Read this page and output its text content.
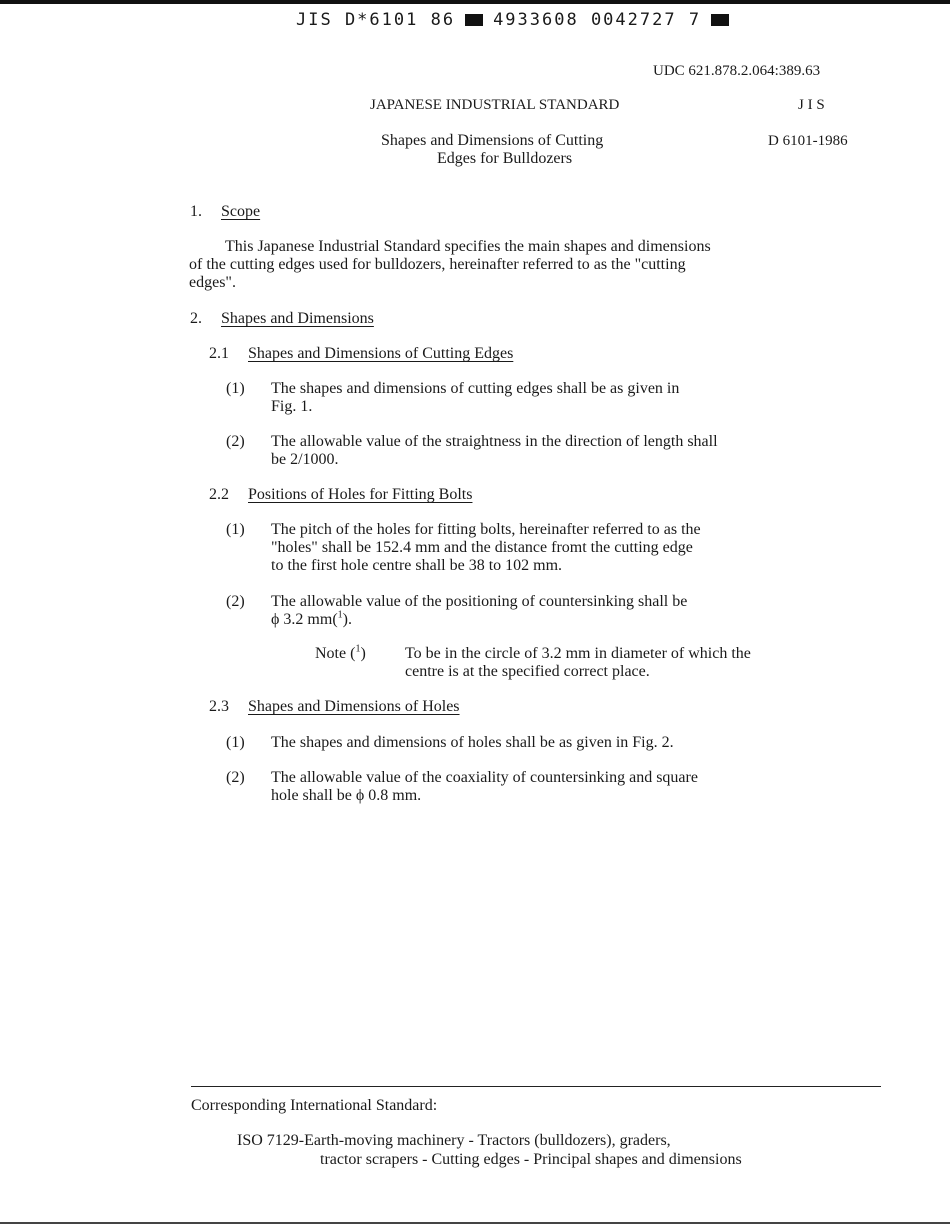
JIS D*6101 86 4933608 0042727 7
UDC 621.878.2.064:389.63
JAPANESE INDUSTRIAL STANDARD	J I S
Shapes and Dimensions of Cutting
Edges for Bulldozers
D 6101-1986
1. Scope
This Japanese Industrial Standard specifies the main shapes and dimensions
of the cutting edges used for bulldozers, hereinafter referred to as the "cutting
edges".
2. Shapes and Dimensions
2.1 Shapes and Dimensions of Cutting Edges
(1) The shapes and dimensions of cutting edges shall be as given in
Fig. 1.
(2) The allowable value of the straightness in the direction of length shall
be 2/1000.
2.2 Positions of Holes for Fitting Bolts
(1) The pitch of the holes for fitting bolts, hereinafter referred to as the
"holes" shall be 152.4 mm and the distance fromt the cutting edge
to the first hole centre shall be 38 to 102 mm.
(2) The allowable value of the positioning of countersinking shall be
ϕ 3.2 mm($^1$).
Note ($^1$) To be in the circle of 3.2 mm in diameter of which the
centre is at the specified correct place.
2.3 Shapes and Dimensions of Holes
(1) The shapes and dimensions of holes shall be as given in Fig. 2.
(2) The allowable value of the coaxiality of countersinking and square
hole shall be ϕ 0.8 mm.
Corresponding International Standard:
ISO 7129-Earth-moving machinery - Tractors (bulldozers), graders,
tractor scrapers - Cutting edges - Principal shapes and dimensions
